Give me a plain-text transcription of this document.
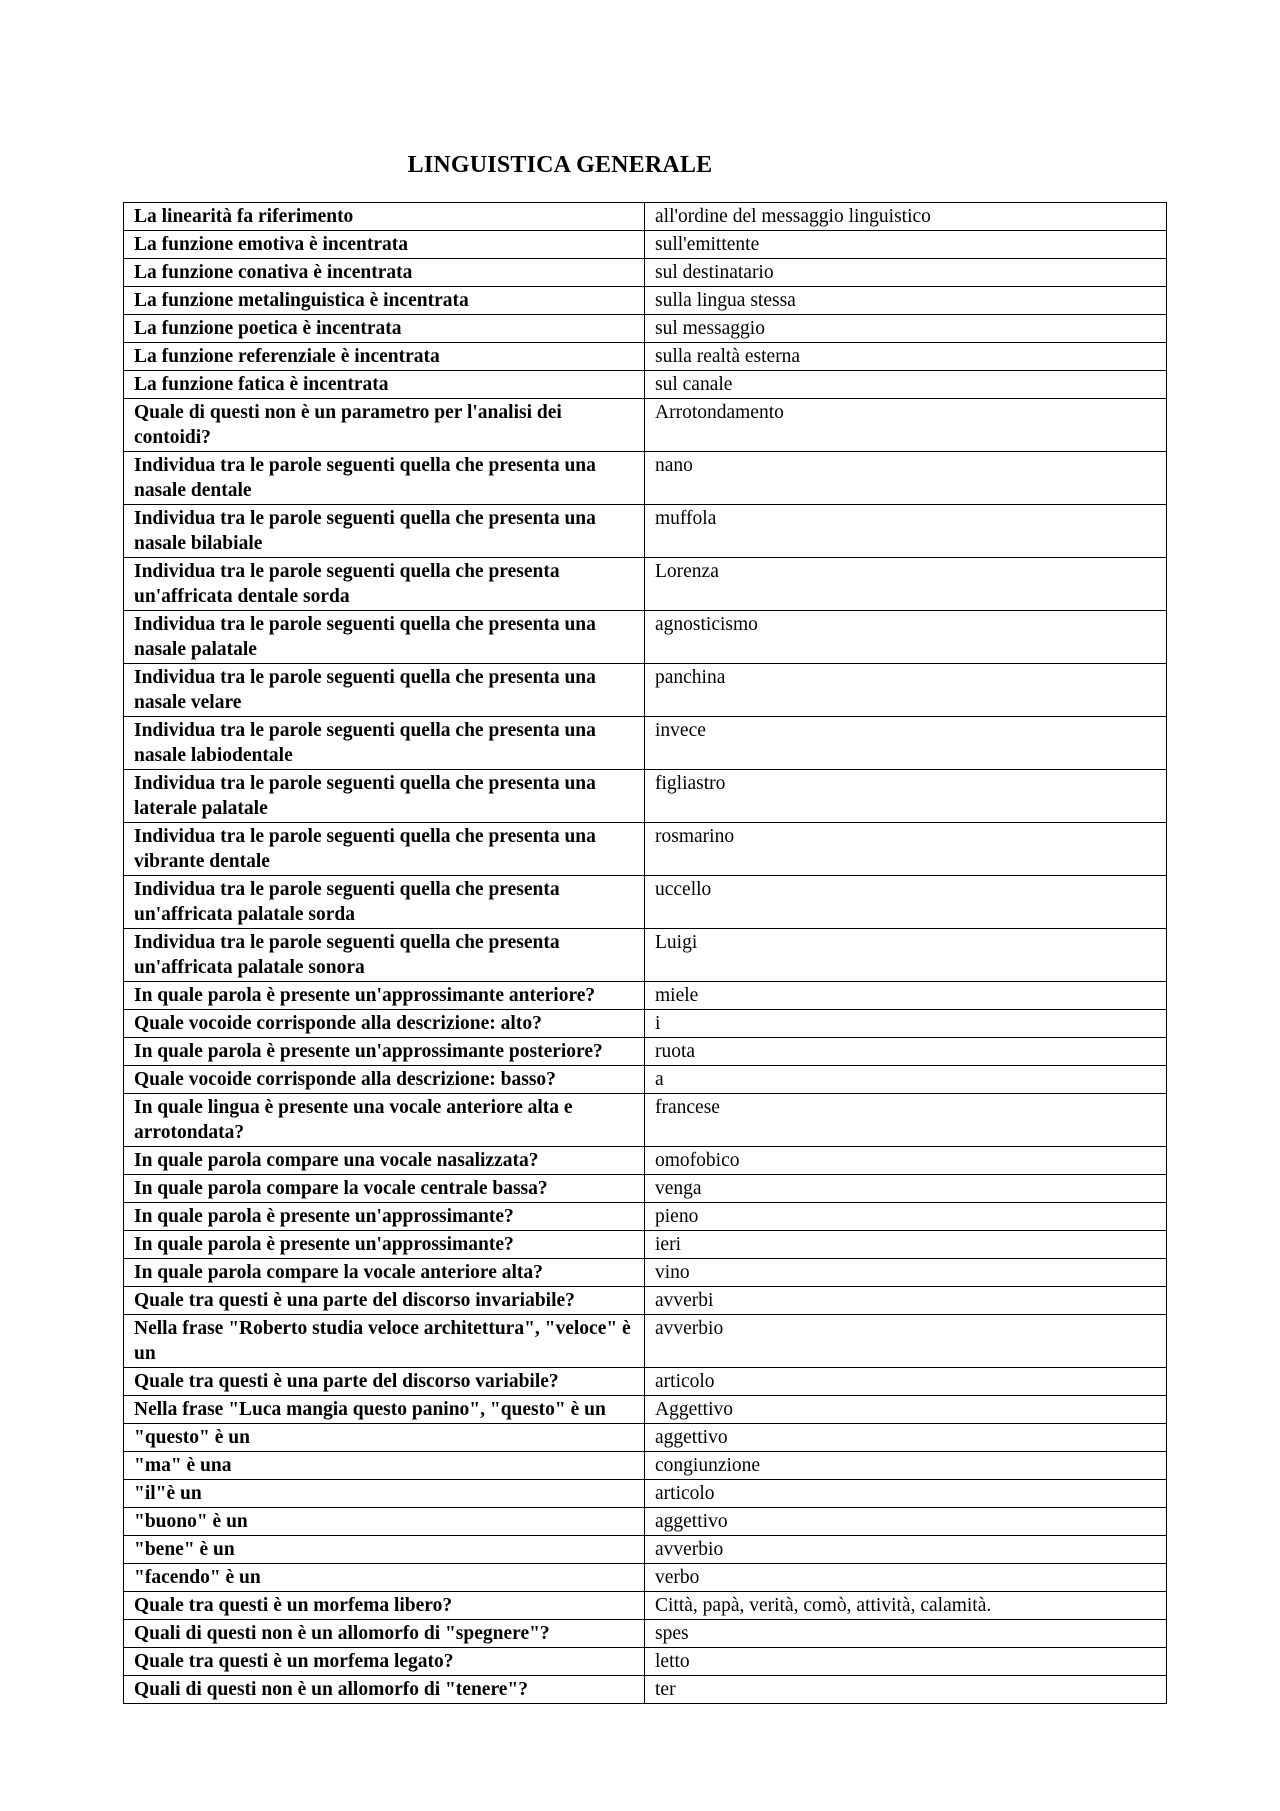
LINGUISTICA GENERALE
La linearità fa riferimento	all'ordine del messaggio linguistico
La funzione emotiva è incentrata	sull'emittente
La funzione conativa è incentrata	sul destinatario
La funzione metalinguistica è incentrata	sulla lingua stessa
La funzione poetica è incentrata	sul messaggio
La funzione referenziale è incentrata	sulla realtà esterna
La funzione fatica è incentrata	sul canale
Quale di questi non è un parametro per l'analisi dei contoidi?	Arrotondamento
Individua tra le parole seguenti quella che presenta una nasale dentale	nano
Individua tra le parole seguenti quella che presenta una nasale bilabiale	muffola
Individua tra le parole seguenti quella che presenta un'affricata dentale sorda	Lorenza
Individua tra le parole seguenti quella che presenta una nasale palatale	agnosticismo
Individua tra le parole seguenti quella che presenta una nasale velare	panchina
Individua tra le parole seguenti quella che presenta una nasale labiodentale	invece
Individua tra le parole seguenti quella che presenta una laterale palatale	figliastro
Individua tra le parole seguenti quella che presenta una vibrante dentale	rosmarino
Individua tra le parole seguenti quella che presenta un'affricata palatale sorda	uccello
Individua tra le parole seguenti quella che presenta un'affricata palatale sonora	Luigi
In quale parola è presente un'approssimante anteriore?	miele
Quale vocoide corrisponde alla descrizione: alto?	i
In quale parola è presente un'approssimante posteriore?	ruota
Quale vocoide corrisponde alla descrizione: basso?	a
In quale lingua è presente una vocale anteriore alta e arrotondata?	francese
In quale parola compare una vocale nasalizzata?	omofobico
In quale parola compare la vocale centrale bassa?	venga
In quale parola è presente un'approssimante?	pieno
In quale parola è presente un'approssimante?	ieri
In quale parola compare la vocale anteriore alta?	vino
Quale tra questi è una parte del discorso invariabile?	avverbi
Nella frase "Roberto studia veloce architettura", "veloce" è un	avverbio
Quale tra questi è una parte del discorso variabile?	articolo
Nella frase "Luca mangia questo panino", "questo" è un	Aggettivo
"questo" è un	aggettivo
"ma" è una	congiunzione
"il"è un	articolo
"buono" è un	aggettivo
"bene" è un	avverbio
"facendo" è un	verbo
Quale tra questi è un morfema libero?	Città, papà, verità, comò, attività, calamità.
Quali di questi non è un allomorfo di "spegnere"?	spes
Quale tra questi è un morfema legato?	letto
Quali di questi non è un allomorfo di "tenere"?	ter
